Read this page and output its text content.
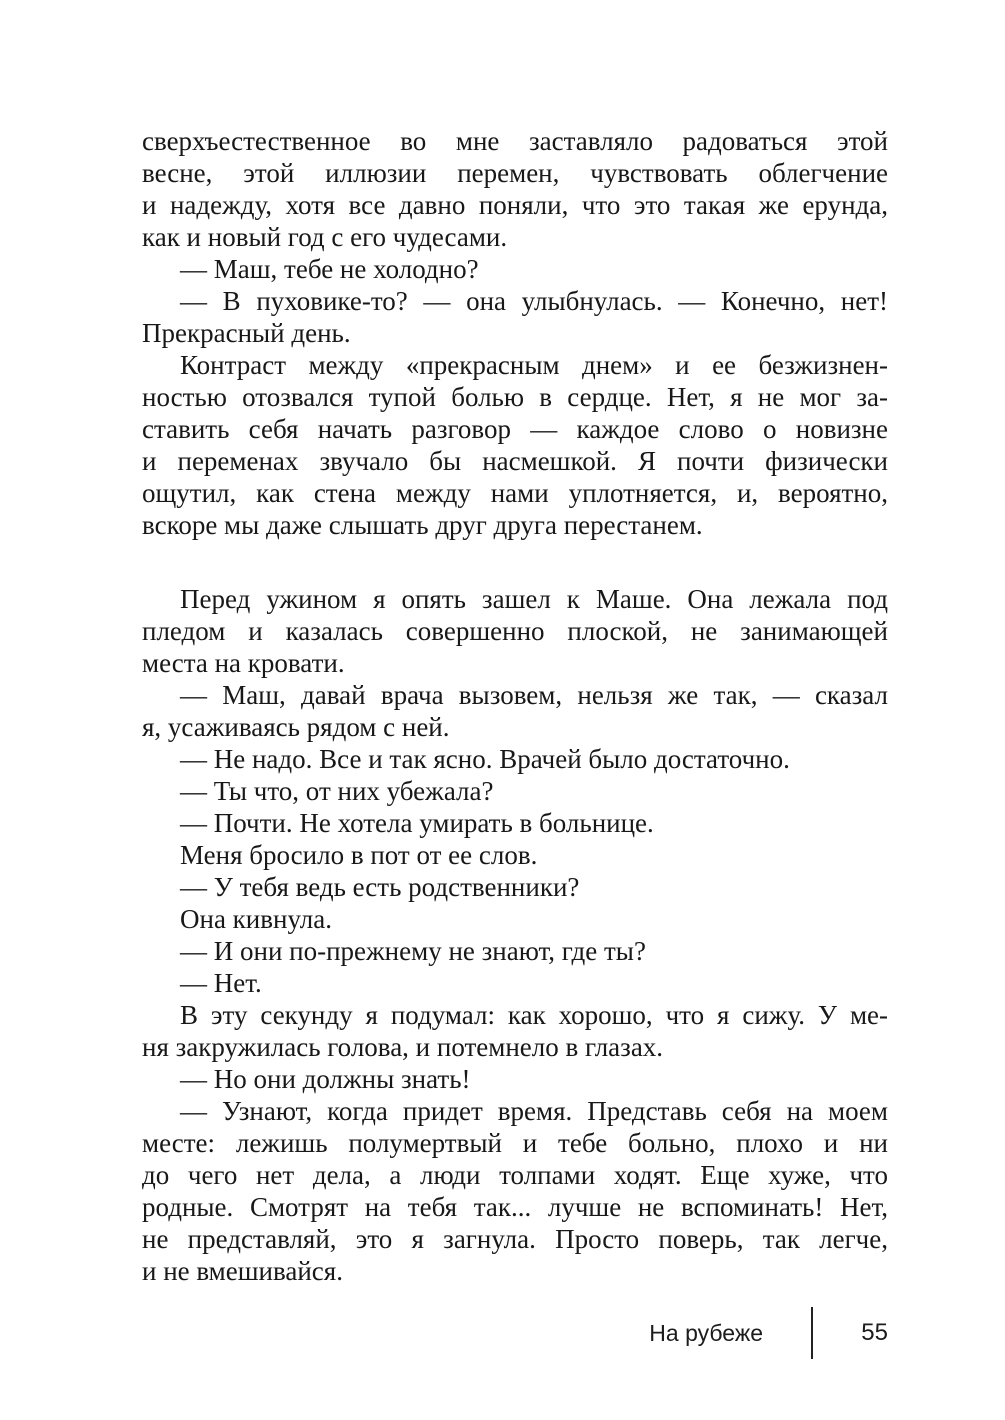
сверхъестественное во мне заставляло радоваться этой
весне, этой иллюзии перемен, чувствовать облегчение
и надежду, хотя все давно поняли, что это такая же ерунда,
как и новый год с его чудесами.
— Маш, тебе не холодно?
— В пуховике-то? — она улыбнулась. — Конечно, нет!
Прекрасный день.
Контраст между «прекрасным днем» и ее безжизнен-
ностью отозвался тупой болью в сердце. Нет, я не мог за-
ставить себя начать разговор — каждое слово о новизне
и переменах звучало бы насмешкой. Я почти физически
ощутил, как стена между нами уплотняется, и, вероятно,
вскоре мы даже слышать друг друга перестанем.
Перед ужином я опять зашел к Маше. Она лежала под
пледом и казалась совершенно плоской, не занимающей
места на кровати.
— Маш, давай врача вызовем, нельзя же так, — сказал
я, усаживаясь рядом с ней.
— Не надо. Все и так ясно. Врачей было достаточно.
— Ты что, от них убежала?
— Почти. Не хотела умирать в больнице.
Меня бросило в пот от ее слов.
— У тебя ведь есть родственники?
Она кивнула.
— И они по-прежнему не знают, где ты?
— Нет.
В эту секунду я подумал: как хорошо, что я сижу. У ме-
ня закружилась голова, и потемнело в глазах.
— Но они должны знать!
— Узнают, когда придет время. Представь себя на моем
месте: лежишь полумертвый и тебе больно, плохо и ни
до чего нет дела, а люди толпами ходят. Еще хуже, что
родные. Смотрят на тебя так... лучше не вспоминать! Нет,
не представляй, это я загнула. Просто поверь, так легче,
и не вмешивайся.
На рубеже	55
